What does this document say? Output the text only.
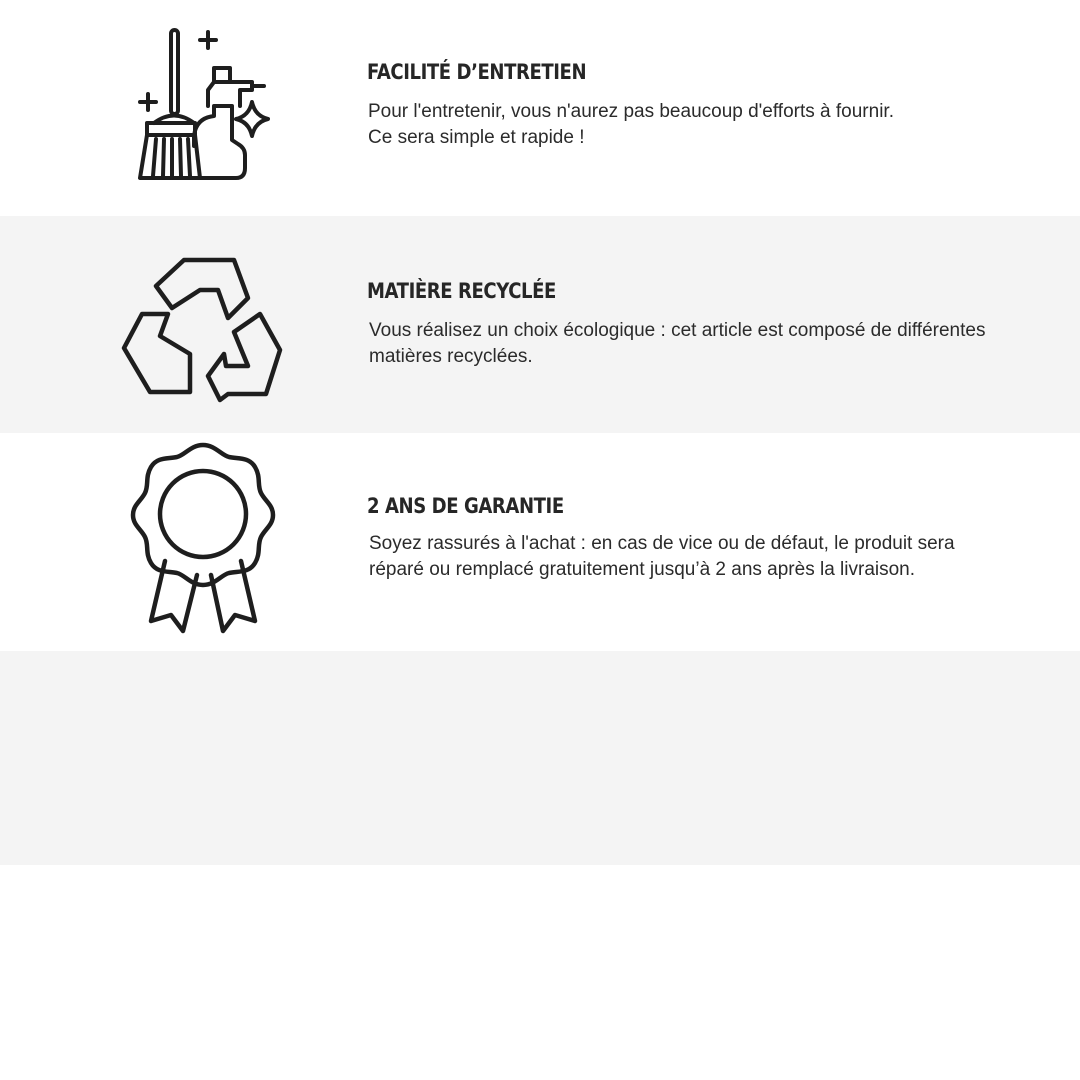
FACILITÉ D’ENTRETIEN

Pour l'entretenir, vous n'aurez pas beaucoup d'efforts à fournir.
Ce sera simple et rapide !

MATIÈRE RECYCLÉE

Vous réalisez un choix écologique : cet article est composé de différentes
matières recyclées.

2 ANS DE GARANTIE

Soyez rassurés à l'achat : en cas de vice ou de défaut, le produit sera
réparé ou remplacé gratuitement jusqu’à 2 ans après la livraison.
